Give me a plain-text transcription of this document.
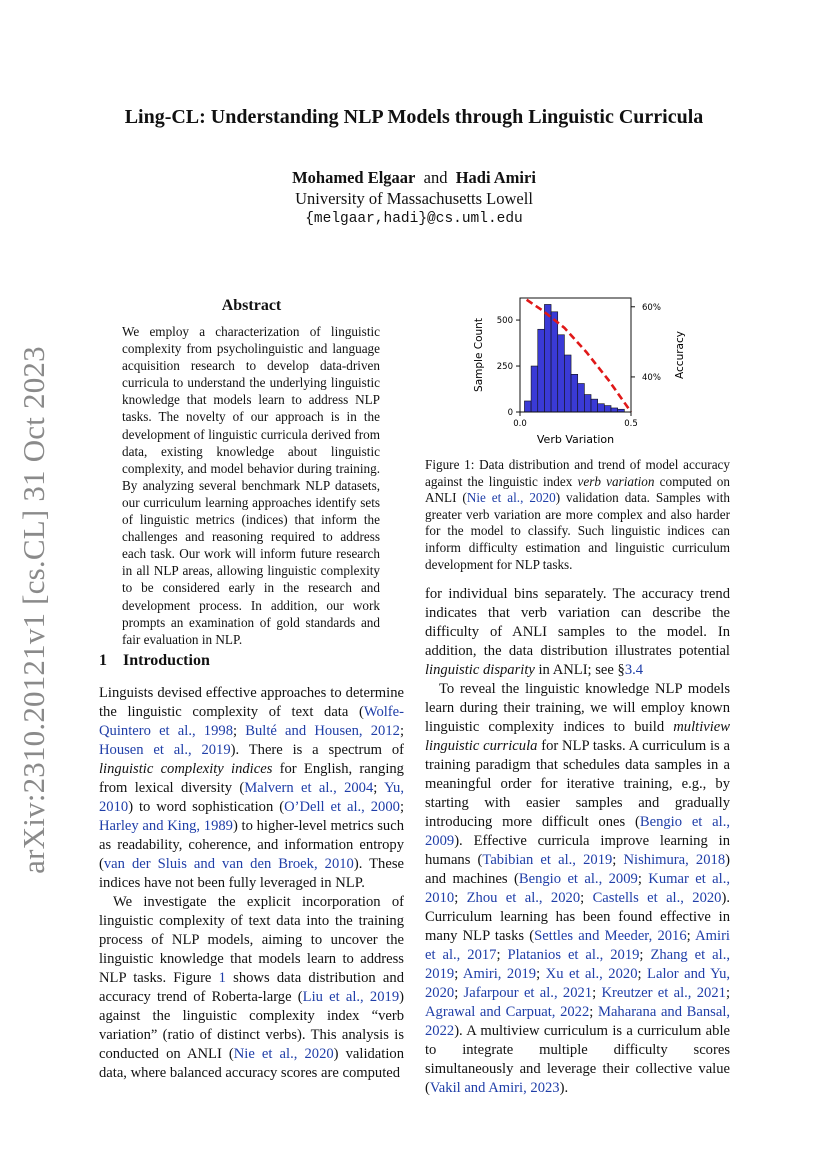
arXiv:2310.20121v1 [cs.CL] 31 Oct 2023
Ling-CL: Understanding NLP Models through Linguistic Curricula
Mohamed Elgaar and Hadi Amiri
University of Massachusetts Lowell
{melgaar,hadi}@cs.uml.edu
Abstract
We employ a characterization of linguistic complexity from psycholinguistic and language acquisition research to develop data-driven curricula to understand the underlying linguistic knowledge that models learn to address NLP tasks. The novelty of our approach is in the development of linguistic curricula derived from data, existing knowledge about linguistic complexity, and model behavior during training. By analyzing several benchmark NLP datasets, our curriculum learning approaches identify sets of linguistic metrics (indices) that inform the challenges and reasoning required to address each task. Our work will inform future research in all NLP areas, allowing linguistic complexity to be considered early in the research and development process. In addition, our work prompts an examination of gold standards and fair evaluation in NLP.
1 Introduction

Linguists devised effective approaches to determine the linguistic complexity of text data (Wolfe-Quintero et al., 1998; Bulté and Housen, 2012; Housen et al., 2019). There is a spectrum of linguistic complexity indices for English, ranging from lexical diversity (Malvern et al., 2004; Yu, 2010) to word sophistication (O’Dell et al., 2000; Harley and King, 1989) to higher-level metrics such as readability, coherence, and information entropy (van der Sluis and van den Broek, 2010). These indices have not been fully leveraged in NLP.

We investigate the explicit incorporation of linguistic complexity of text data into the training process of NLP models, aiming to uncover the linguistic knowledge that models learn to address NLP tasks. Figure 1 shows data distribution and accuracy trend of Roberta-large (Liu et al., 2019) against the linguistic complexity index “verb variation” (ratio of distinct verbs). This analysis is conducted on ANLI (Nie et al., 2020) validation data, where balanced accuracy scores are computed

0
250
500
40%
60%
0.0	0.5
Verb Variation
Sample Count	Accuracy
Figure 1: Data distribution and trend of model accuracy against the linguistic index verb variation computed on ANLI (Nie et al., 2020) validation data. Samples with greater verb variation are more complex and also harder for the model to classify. Such linguistic indices can inform difficulty estimation and linguistic curriculum development for NLP tasks.

for individual bins separately. The accuracy trend indicates that verb variation can describe the difficulty of ANLI samples to the model. In addition, the data distribution illustrates potential linguistic disparity in ANLI; see §3.4

To reveal the linguistic knowledge NLP models learn during their training, we will employ known linguistic complexity indices to build multiview linguistic curricula for NLP tasks. A curriculum is a training paradigm that schedules data samples in a meaningful order for iterative training, e.g., by starting with easier samples and gradually introducing more difficult ones (Bengio et al., 2009). Effective curricula improve learning in humans (Tabibian et al., 2019; Nishimura, 2018) and machines (Bengio et al., 2009; Kumar et al., 2010; Zhou et al., 2020; Castells et al., 2020). Curriculum learning has been found effective in many NLP tasks (Settles and Meeder, 2016; Amiri et al., 2017; Platanios et al., 2019; Zhang et al., 2019; Amiri, 2019; Xu et al., 2020; Lalor and Yu, 2020; Jafarpour et al., 2021; Kreutzer et al., 2021; Agrawal and Carpuat, 2022; Maharana and Bansal, 2022). A multiview curriculum is a curriculum able to integrate multiple difficulty scores simultaneously and leverage their collective value (Vakil and Amiri, 2023).
